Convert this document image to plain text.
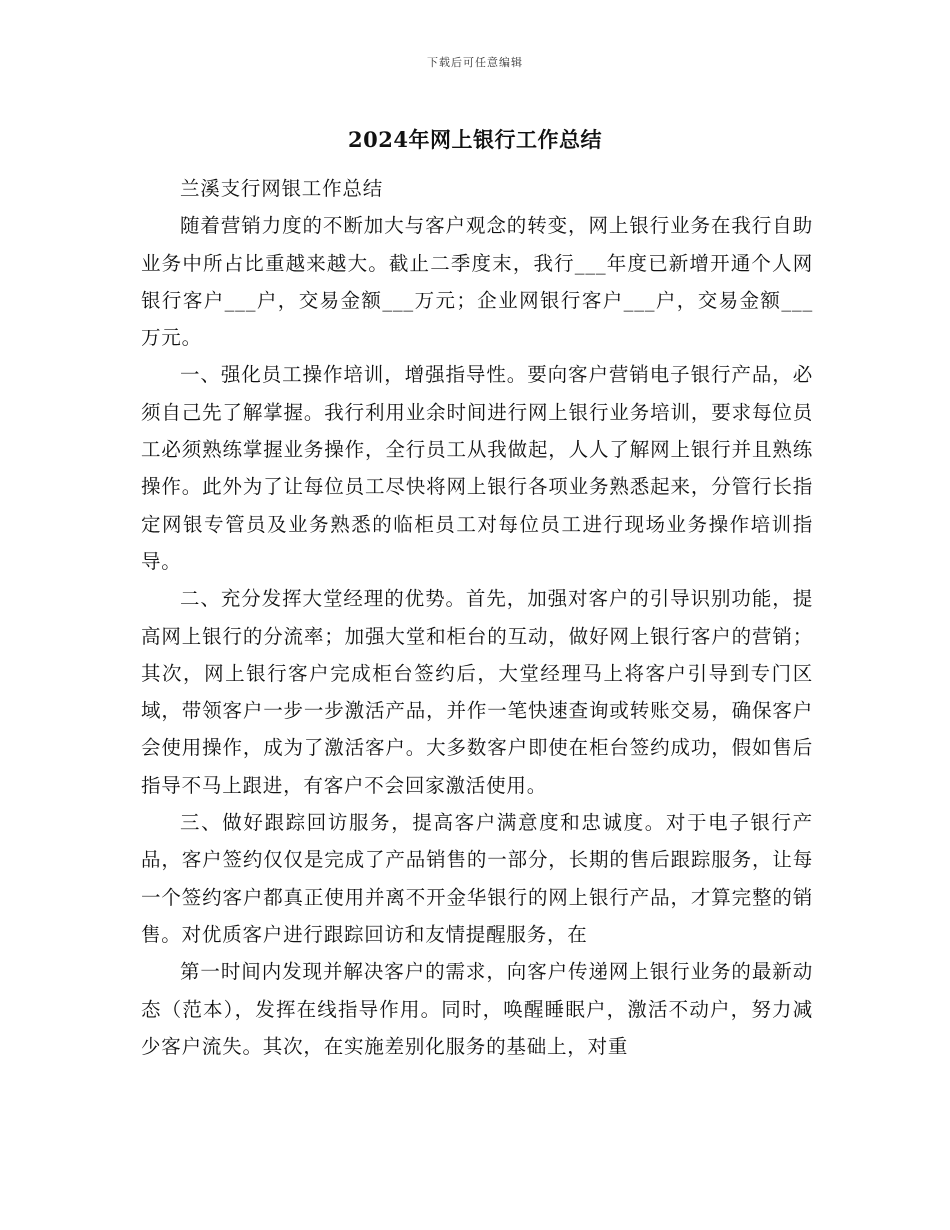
下载后可任意编辑
2024年网上银行工作总结

兰溪支行网银工作总结

随着营销力度的不断加大与客户观念的转变，网上银行业务在我行自助业务中所占比重越来越大。截止二季度末，我行___年度已新增开通个人网银行客户___户，交易金额___万元；企业网银行客户___户，交易金额___万元。

一、强化员工操作培训，增强指导性。要向客户营销电子银行产品，必须自己先了解掌握。我行利用业余时间进行网上银行业务培训，要求每位员工必须熟练掌握业务操作，全行员工从我做起，人人了解网上银行并且熟练操作。此外为了让每位员工尽快将网上银行各项业务熟悉起来，分管行长指定网银专管员及业务熟悉的临柜员工对每位员工进行现场业务操作培训指导。

二、充分发挥大堂经理的优势。首先，加强对客户的引导识别功能，提高网上银行的分流率；加强大堂和柜台的互动，做好网上银行客户的营销；其次，网上银行客户完成柜台签约后，大堂经理马上将客户引导到专门区域，带领客户一步一步激活产品，并作一笔快速查询或转账交易，确保客户会使用操作，成为了激活客户。大多数客户即使在柜台签约成功，假如售后指导不马上跟进，有客户不会回家激活使用。

三、做好跟踪回访服务，提高客户满意度和忠诚度。对于电子银行产品，客户签约仅仅是完成了产品销售的一部分，长期的售后跟踪服务，让每一个签约客户都真正使用并离不开金华银行的网上银行产品，才算完整的销售。对优质客户进行跟踪回访和友情提醒服务，在

第一时间内发现并解决客户的需求，向客户传递网上银行业务的最新动态（范本），发挥在线指导作用。同时，唤醒睡眠户，激活不动户，努力减少客户流失。其次，在实施差别化服务的基础上，对重
